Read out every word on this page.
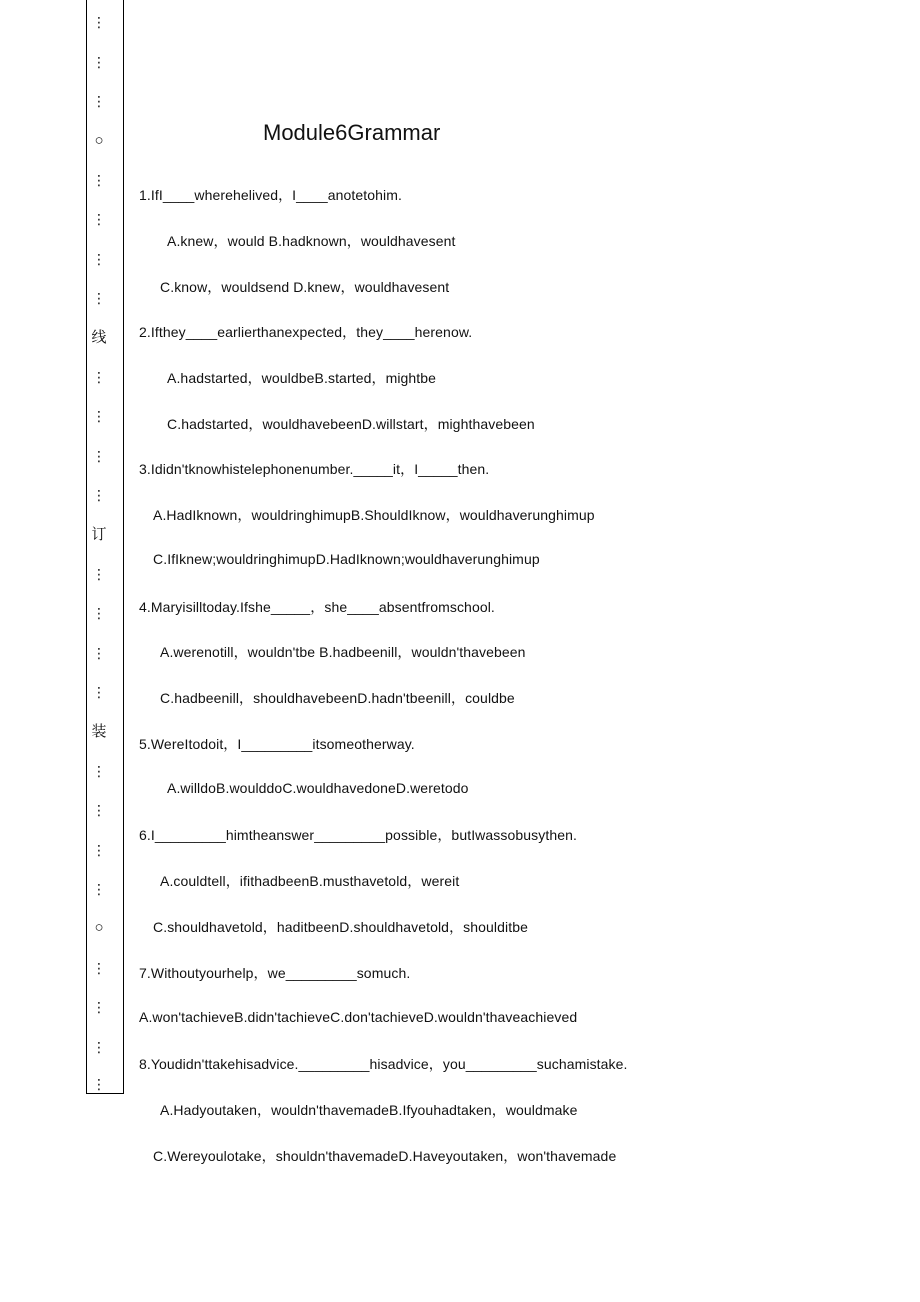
⋮
⋮
⋮
○
⋮
⋮
⋮
⋮
线
⋮
⋮
⋮
⋮
订
⋮
⋮
⋮
⋮
装
⋮
⋮
⋮
⋮
○
⋮
⋮
⋮
⋮
Module6Grammar
1.IfI____wherehelived，I____anotetohim.
A.knew，would B.hadknown，wouldhavesent
C.know，wouldsend D.knew，wouldhavesent
2.Ifthey____earlierthanexpected，they____herenow.
A.hadstarted，wouldbeB.started，mightbe
C.hadstarted，wouldhavebeenD.willstart，mighthavebeen
3.Ididn'tknowhistelephonenumber._____it，I_____then.
A.HadIknown，wouldringhimupB.ShouldIknow，wouldhaverunghimup
C.IfIknew;wouldringhimupD.HadIknown;wouldhaverunghimup
4.Maryisilltoday.Ifshe_____，she____absentfromschool.
A.werenotill，wouldn'tbe B.hadbeenill，wouldn'thavebeen
C.hadbeenill，shouldhavebeenD.hadn'tbeenill，couldbe
5.WereItodoit，I_________itsomeotherway.
A.willdoB.woulddoC.wouldhavedoneD.weretodo
6.I_________himtheanswer_________possible，butIwassobusythen.
A.couldtell，ifithadbeenB.musthavetold，wereit
C.shouldhavetold，haditbeenD.shouldhavetold，shoulditbe
7.Withoutyourhelp，we_________somuch.
A.won'tachieveB.didn'tachieveC.don'tachieveD.wouldn'thaveachieved
8.Youdidn'ttakehisadvice._________hisadvice，you_________suchamistake.
A.Hadyoutaken，wouldn'thavemadeB.Ifyouhadtaken，wouldmake
C.Wereyoulotake，shouldn'thavemadeD.Haveyoutaken，won'thavemade
